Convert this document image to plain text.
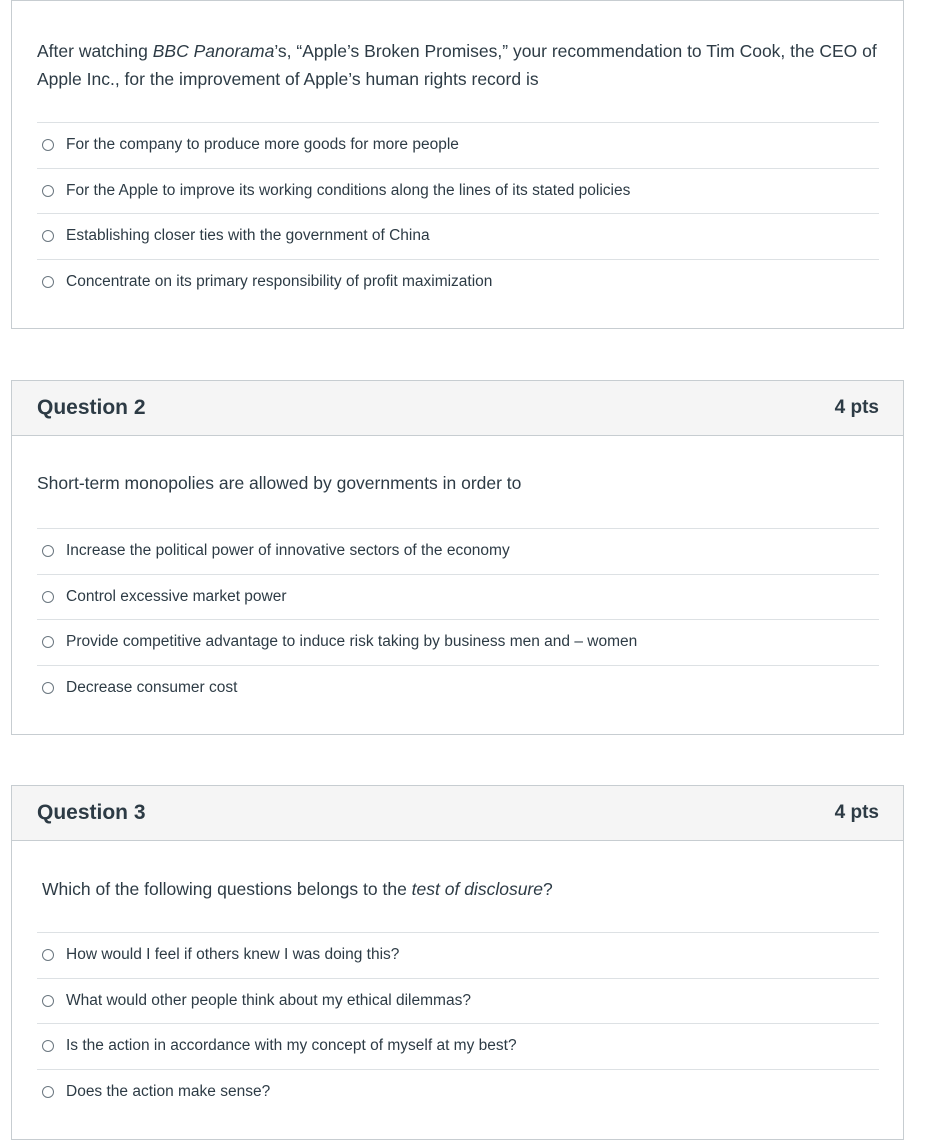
After watching BBC Panorama’s, “Apple’s Broken Promises,” your recommendation to Tim Cook, the CEO of Apple Inc., for the improvement of Apple’s human rights record is
For the company to produce more goods for more people
For the Apple to improve its working conditions along the lines of its stated policies
Establishing closer ties with the government of China
Concentrate on its primary responsibility of profit maximization
Question 2	4 pts
Short-term monopolies are allowed by governments in order to
Increase the political power of innovative sectors of the economy
Control excessive market power
Provide competitive advantage to induce risk taking by business men and – women
Decrease consumer cost
Question 3	4 pts
Which of the following questions belongs to the test of disclosure?
How would I feel if others knew I was doing this?
What would other people think about my ethical dilemmas?
Is the action in accordance with my concept of myself at my best?
Does the action make sense?
